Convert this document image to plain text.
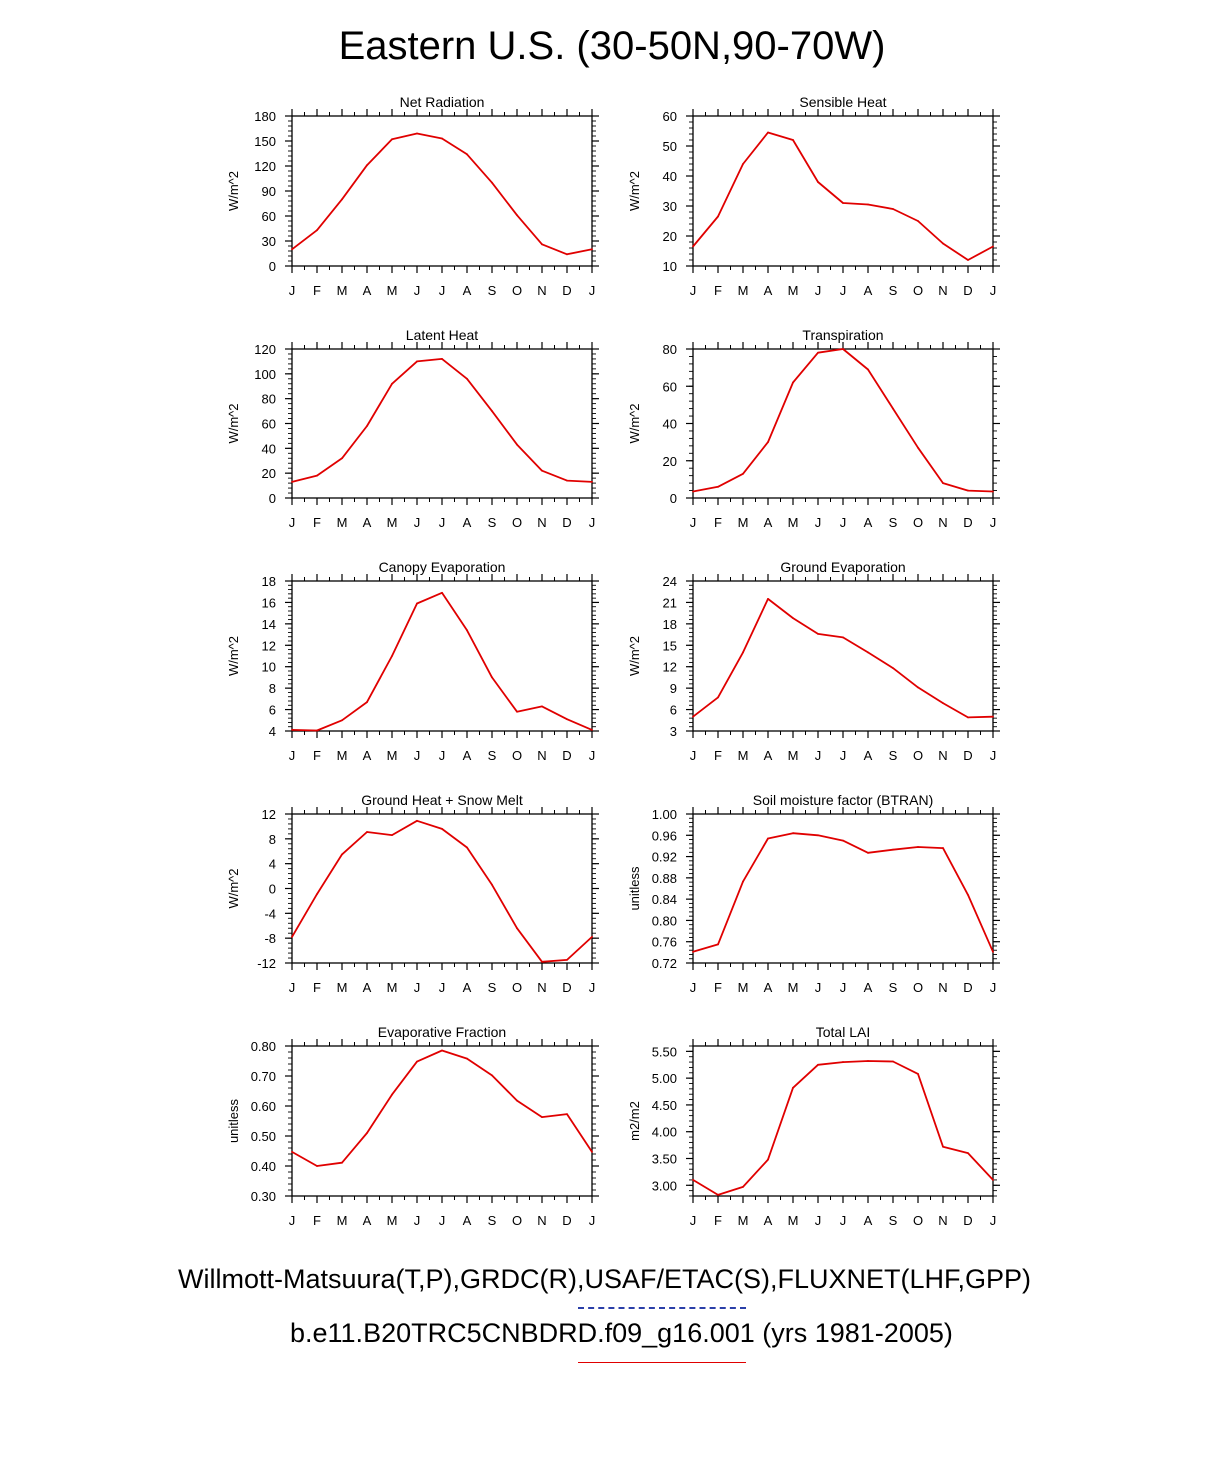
Eastern U.S. (30-50N,90-70W)
J F M A M J J A S O N D J
0
30
60
90
120
150
180
Net Radiation
W/m^2
J F M A M J J A S O N D J
10
20
30
40
50
60
Sensible Heat
W/m^2
J F M A M J J A S O N D J
0
20
40
60
80
100
120
Latent Heat
W/m^2
J F M A M J J A S O N D J
0
20
40
60
80
Transpiration
W/m^2
J F M A M J J A S O N D J
4
6
8
10
12
14
16
18
Canopy Evaporation
W/m^2
J F M A M J J A S O N D J
3
6
9
12
15
18
21
24
Ground Evaporation
W/m^2
J F M A M J J A S O N D J
-12
-8
-4
0
4
8
12
Ground Heat + Snow Melt
W/m^2
J F M A M J J A S O N D J
0.72
0.76
0.80
0.84
0.88
0.92
0.96
1.00
Soil moisture factor (BTRAN)
unitless
J F M A M J J A S O N D J
0.30
0.40
0.50
0.60
0.70
0.80
Evaporative Fraction
unitless
J F M A M J J A S O N D J
3.00
3.50
4.00
4.50
5.00
5.50
Total LAI
m2/m2
Willmott-Matsuura(T,P),GRDC(R),USAF/ETAC(S),FLUXNET(LHF,GPP)
b.e11.B20TRC5CNBDRD.f09_g16.001 (yrs 1981-2005)
